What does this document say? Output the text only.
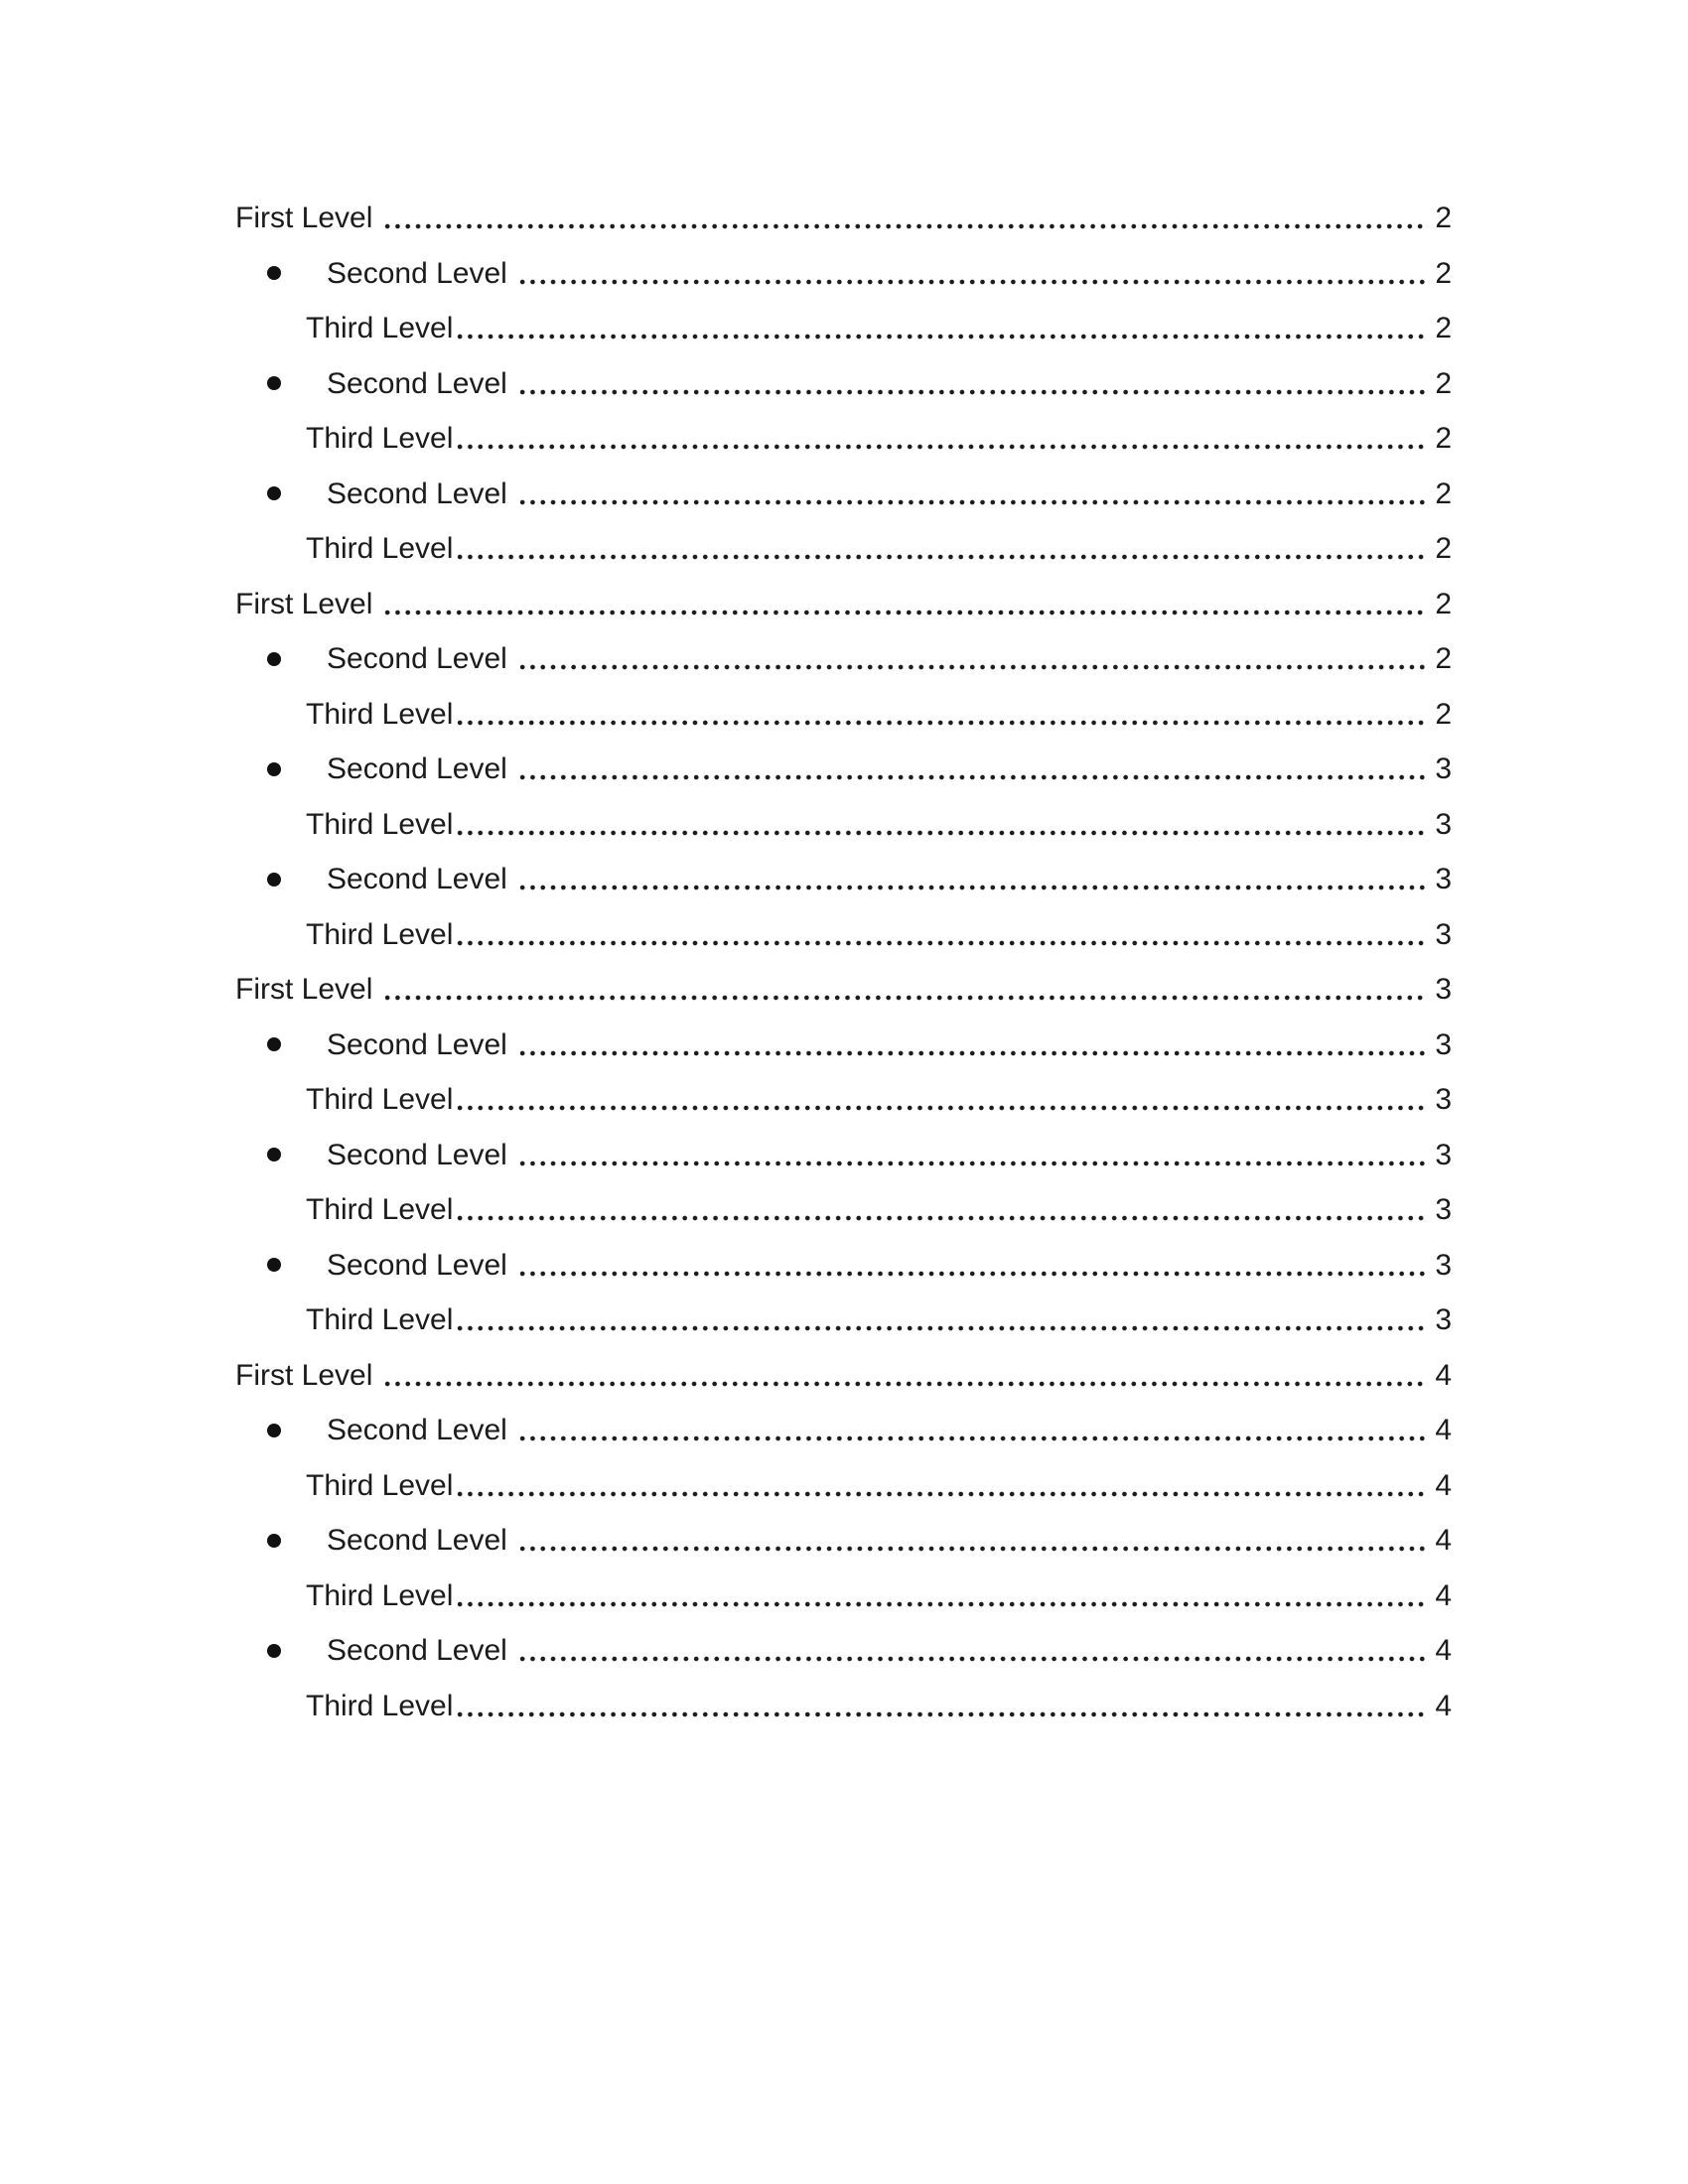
First Level	2
Second Level	2
Third Level	2
Second Level	2
Third Level	2
Second Level	2
Third Level	2
First Level	2
Second Level	2
Third Level	2
Second Level	3
Third Level	3
Second Level	3
Third Level	3
First Level	3
Second Level	3
Third Level	3
Second Level	3
Third Level	3
Second Level	3
Third Level	3
First Level	4
Second Level	4
Third Level	4
Second Level	4
Third Level	4
Second Level	4
Third Level	4
